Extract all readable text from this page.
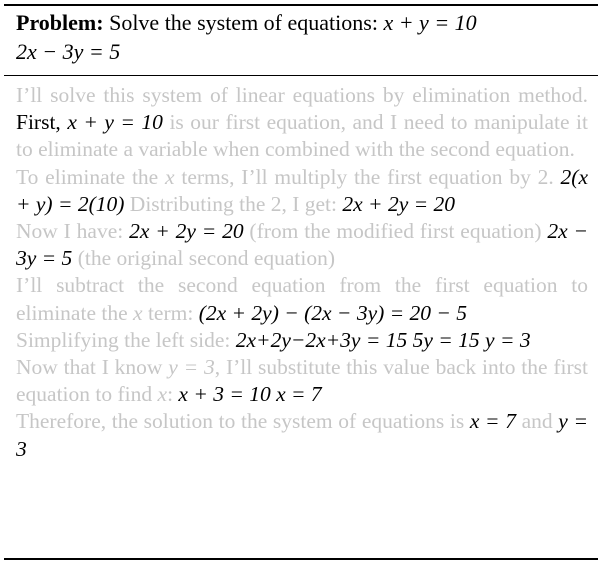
Problem: Solve the system of equations: x + y = 10
2x − 3y = 5

I’ll solve this system of linear equations by elimination method. First, x + y = 10 is our first equation, and I need to manipulate it to eliminate a variable when combined with the second equation.

To eliminate the x terms, I’ll multiply the first equation by 2. 2(x + y) = 2(10) Distributing the 2, I get: 2x + 2y = 20

Now I have: 2x + 2y = 20 (from the modified first equation) 2x − 3y = 5 (the original second equation)

I’ll subtract the second equation from the first equation to eliminate the x term: (2x + 2y) − (2x − 3y) = 20 − 5

Simplifying the left side: 2x+2y−2x+3y = 15 5y = 15 y = 3

Now that I know y = 3, I’ll substitute this value back into the first equation to find x: x + 3 = 10 x = 7

Therefore, the solution to the system of equations is x = 7 and y = 3
